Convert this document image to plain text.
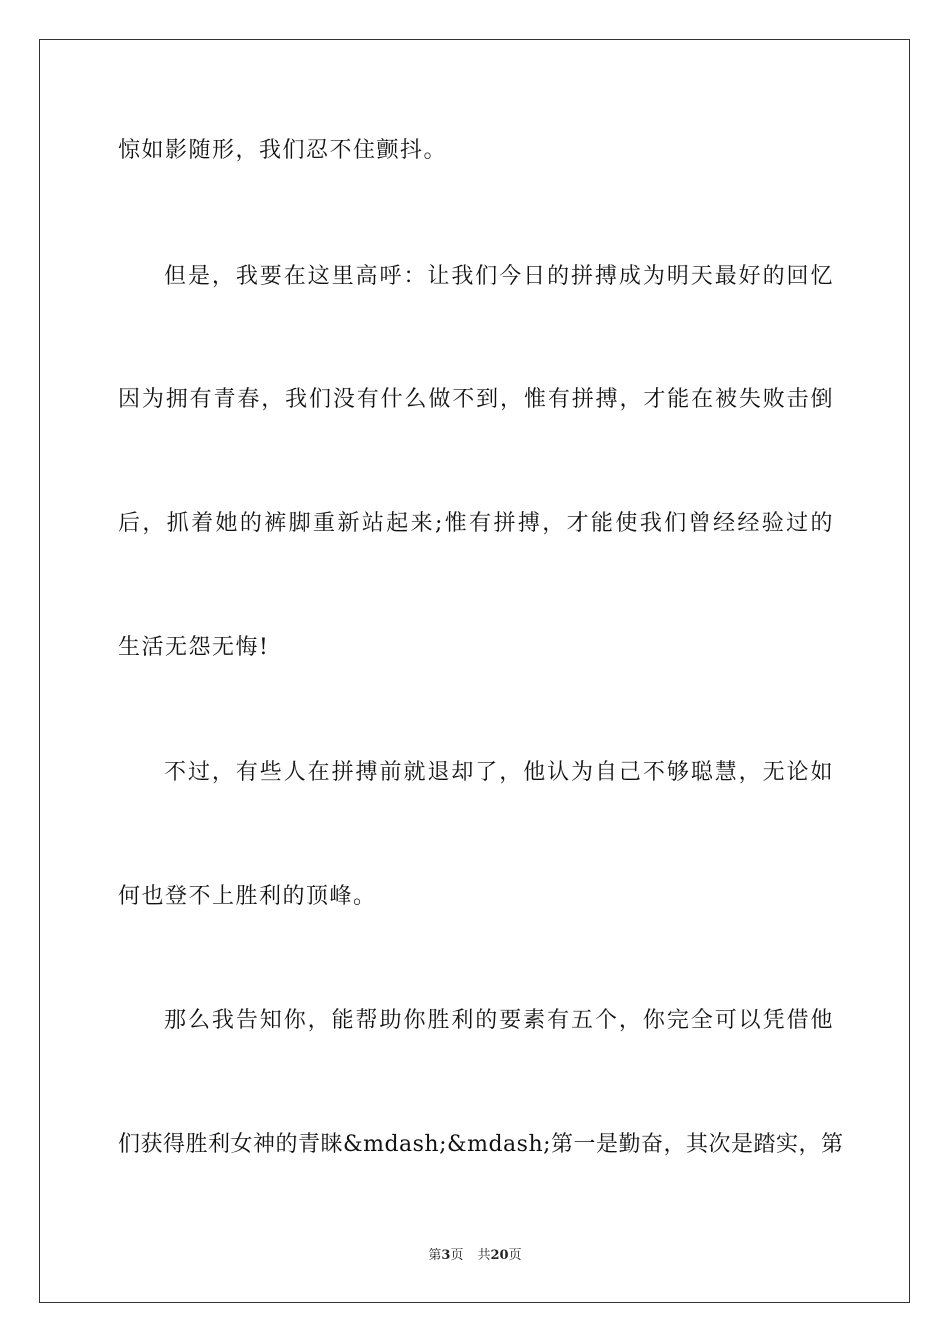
惊如影随形，我们忍不住颤抖。
但是，我要在这里高呼：让我们今日的拼搏成为明天最好的回忆
因为拥有青春，我们没有什么做不到，惟有拼搏，才能在被失败击倒
后，抓着她的裤脚重新站起来;惟有拼搏，才能使我们曾经经验过的
生活无怨无悔!
不过，有些人在拼搏前就退却了，他认为自己不够聪慧，无论如
何也登不上胜利的顶峰。
那么我告知你，能帮助你胜利的要素有五个，你完全可以凭借他
们获得胜利女神的青睐&mdash;&mdash;第一是勤奋，其次是踏实，第
第3页 共20页
